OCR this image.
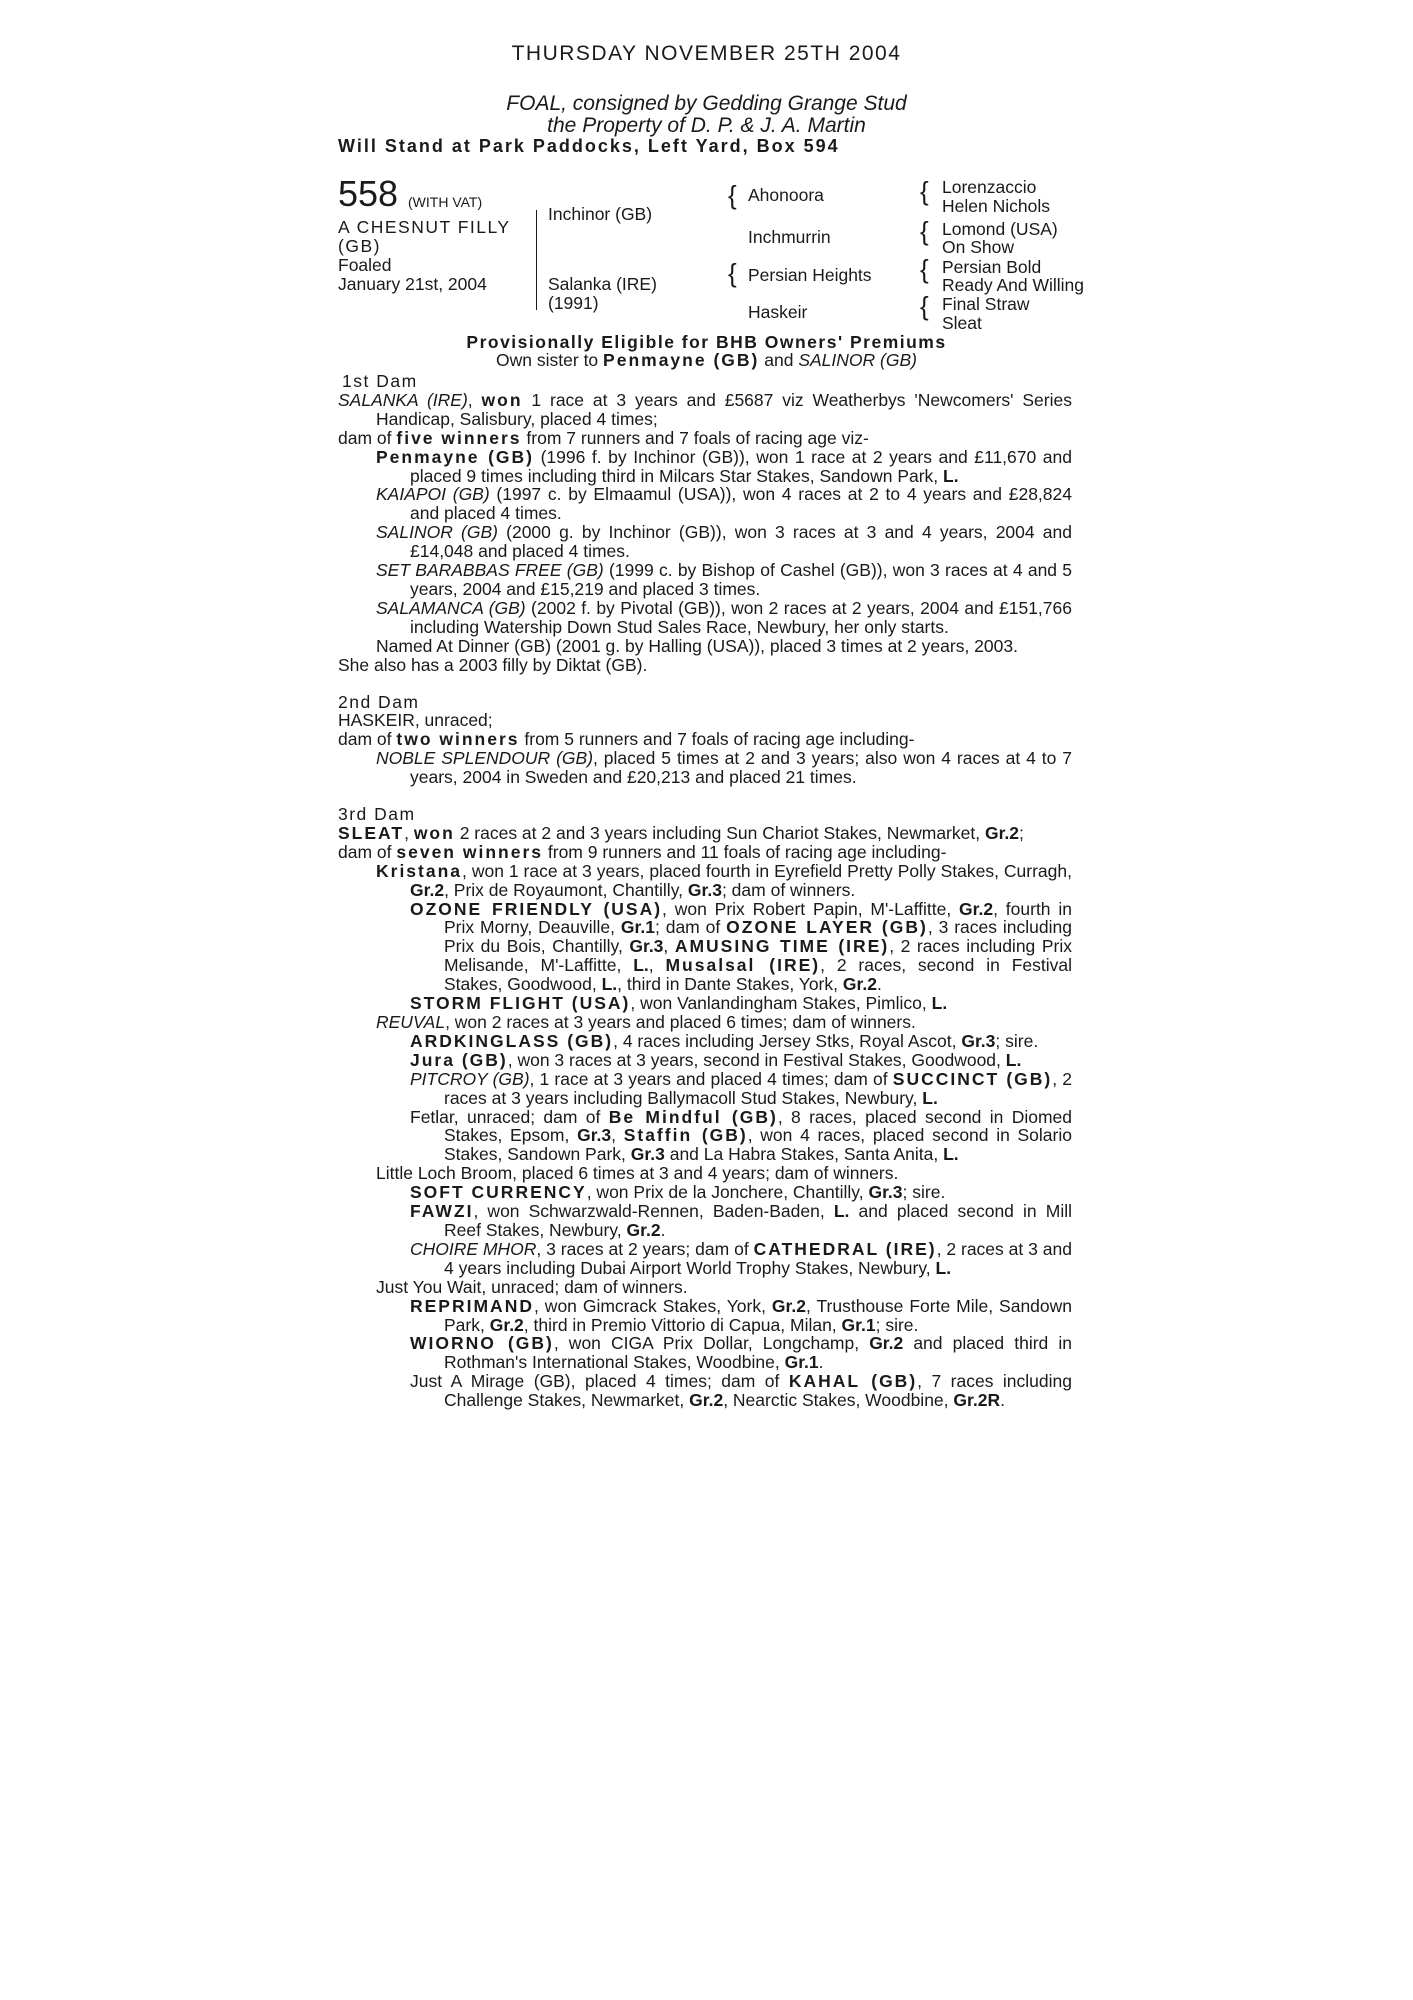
THURSDAY NOVEMBER 25TH 2004
FOAL, consigned by Gedding Grange Stud
the Property of D. P. & J. A. Martin
Will Stand at Park Paddocks, Left Yard, Box 594
558 (WITH VAT)
A CHESNUT FILLY
(GB)
Foaled
January 21st, 2004
Inchinor (GB)
Salanka (IRE)
(1991)
{
{
Ahonoora
Inchmurrin
Persian Heights
Haskeir
{
{
{
{
Lorenzaccio
Helen Nichols
Lomond (USA)
On Show
Persian Bold
Ready And Willing
Final Straw
Sleat
Provisionally Eligible for BHB Owners' Premiums
Own sister to Penmayne (GB) and SALINOR (GB)
1st Dam
SALANKA (IRE), won 1 race at 3 years and £5687 viz Weatherbys 'Newcomers' Series Handicap, Salisbury, placed 4 times;
dam of five winners from 7 runners and 7 foals of racing age viz-
Penmayne (GB) (1996 f. by Inchinor (GB)), won 1 race at 2 years and £11,670 and placed 9 times including third in Milcars Star Stakes, Sandown Park, L.
KAIAPOI (GB) (1997 c. by Elmaamul (USA)), won 4 races at 2 to 4 years and £28,824 and placed 4 times.
SALINOR (GB) (2000 g. by Inchinor (GB)), won 3 races at 3 and 4 years, 2004 and £14,048 and placed 4 times.
SET BARABBAS FREE (GB) (1999 c. by Bishop of Cashel (GB)), won 3 races at 4 and 5 years, 2004 and £15,219 and placed 3 times.
SALAMANCA (GB) (2002 f. by Pivotal (GB)), won 2 races at 2 years, 2004 and £151,766 including Watership Down Stud Sales Race, Newbury, her only starts.
Named At Dinner (GB) (2001 g. by Halling (USA)), placed 3 times at 2 years, 2003.
She also has a 2003 filly by Diktat (GB).
2nd Dam
HASKEIR, unraced;
dam of two winners from 5 runners and 7 foals of racing age including-
NOBLE SPLENDOUR (GB), placed 5 times at 2 and 3 years; also won 4 races at 4 to 7 years, 2004 in Sweden and £20,213 and placed 21 times.
3rd Dam
SLEAT, won 2 races at 2 and 3 years including Sun Chariot Stakes, Newmarket, Gr.2;
dam of seven winners from 9 runners and 11 foals of racing age including-
Kristana, won 1 race at 3 years, placed fourth in Eyrefield Pretty Polly Stakes, Curragh, Gr.2, Prix de Royaumont, Chantilly, Gr.3; dam of winners.
OZONE FRIENDLY (USA), won Prix Robert Papin, M'-Laffitte, Gr.2, fourth in Prix Morny, Deauville, Gr.1; dam of OZONE LAYER (GB), 3 races including Prix du Bois, Chantilly, Gr.3, AMUSING TIME (IRE), 2 races including Prix Melisande, M'-Laffitte, L., Musalsal (IRE), 2 races, second in Festival Stakes, Goodwood, L., third in Dante Stakes, York, Gr.2.
STORM FLIGHT (USA), won Vanlandingham Stakes, Pimlico, L.
REUVAL, won 2 races at 3 years and placed 6 times; dam of winners.
ARDKINGLASS (GB), 4 races including Jersey Stks, Royal Ascot, Gr.3; sire.
Jura (GB), won 3 races at 3 years, second in Festival Stakes, Goodwood, L.
PITCROY (GB), 1 race at 3 years and placed 4 times; dam of SUCCINCT (GB), 2 races at 3 years including Ballymacoll Stud Stakes, Newbury, L.
Fetlar, unraced; dam of Be Mindful (GB), 8 races, placed second in Diomed Stakes, Epsom, Gr.3, Staffin (GB), won 4 races, placed second in Solario Stakes, Sandown Park, Gr.3 and La Habra Stakes, Santa Anita, L.
Little Loch Broom, placed 6 times at 3 and 4 years; dam of winners.
SOFT CURRENCY, won Prix de la Jonchere, Chantilly, Gr.3; sire.
FAWZI, won Schwarzwald-Rennen, Baden-Baden, L. and placed second in Mill Reef Stakes, Newbury, Gr.2.
CHOIRE MHOR, 3 races at 2 years; dam of CATHEDRAL (IRE), 2 races at 3 and 4 years including Dubai Airport World Trophy Stakes, Newbury, L.
Just You Wait, unraced; dam of winners.
REPRIMAND, won Gimcrack Stakes, York, Gr.2, Trusthouse Forte Mile, Sandown Park, Gr.2, third in Premio Vittorio di Capua, Milan, Gr.1; sire.
WIORNO (GB), won CIGA Prix Dollar, Longchamp, Gr.2 and placed third in Rothman's International Stakes, Woodbine, Gr.1.
Just A Mirage (GB), placed 4 times; dam of KAHAL (GB), 7 races including Challenge Stakes, Newmarket, Gr.2, Nearctic Stakes, Woodbine, Gr.2R.
